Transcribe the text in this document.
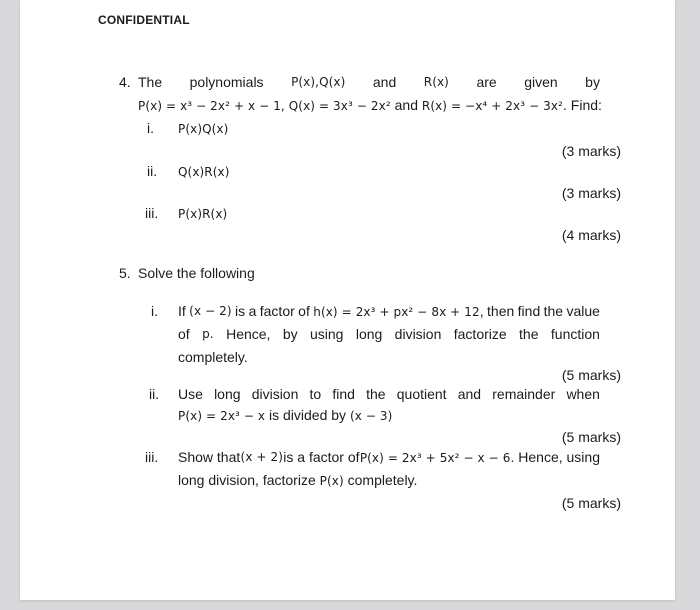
CONFIDENTIAL
4. The polynomials P(x),Q(x) and R(x) are given by
P(x) = x³ − 2x² + x − 1, Q(x) = 3x³ − 2x² and R(x) = −x⁴ + 2x³ − 3x². Find:
i. P(x)Q(x)
(3 marks)
ii. Q(x)R(x)
(3 marks)
iii. P(x)R(x)
(4 marks)
5. Solve the following
i. If (x − 2) is a factor of h(x) = 2x³ + px² − 8x + 12, then find the value
of p. Hence, by using long division factorize the function
completely.
(5 marks)
ii. Use long division to find the quotient and remainder when
P(x) = 2x³ − x is divided by (x − 3)
(5 marks)
iii. Show that (x + 2) is a factor of P(x) = 2x³ + 5x² − x − 6. Hence, using
long division, factorize P(x) completely.
(5 marks)
